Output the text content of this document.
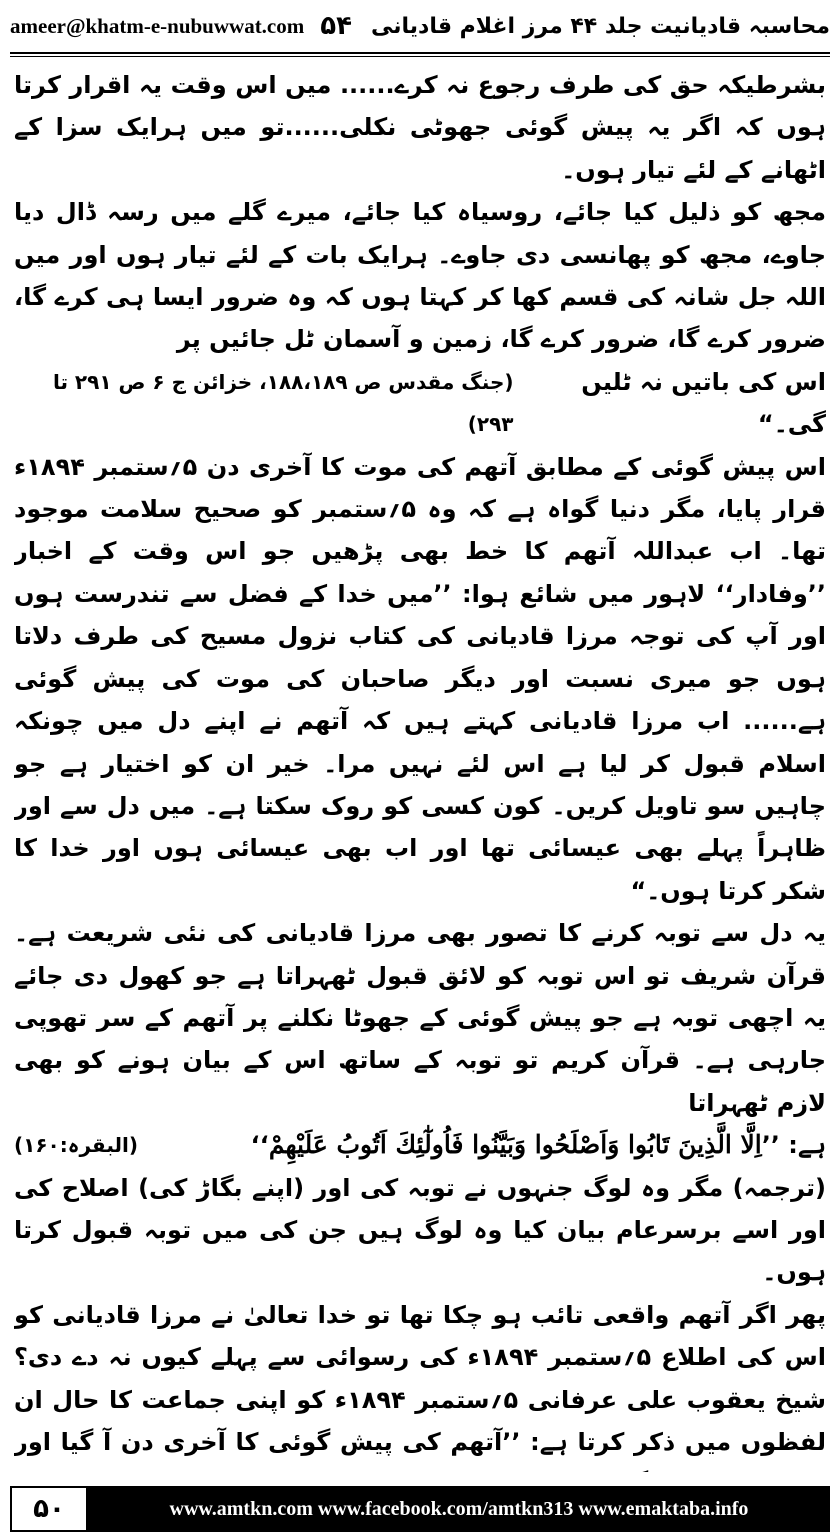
ameer@khatm-e-nubuwwat.com ۵۴ محاسبہ قادیانیت جلد ۴۴ مرز اغلام قادیانی

بشرطیکہ حق کی طرف رجوع نہ کرے...... میں اس وقت یہ اقرار کرتا ہوں کہ اگر یہ پیش گوئی جھوٹی نکلی......تو میں ہرایک سزا کے اٹھانے کے لئے تیار ہوں۔

مجھ کو ذلیل کیا جائے، روسیاہ کیا جائے، میرے گلے میں رسہ ڈال دیا جاوے، مجھ کو پھانسی دی جاوے۔ ہرایک بات کے لئے تیار ہوں اور میں اللہ جل شانہ کی قسم کھا کر کہتا ہوں کہ وہ ضرور ایسا ہی کرے گا، ضرور کرے گا، ضرور کرے گا، زمین و آسمان ٹل جائیں پر

اس کی باتیں نہ ٹلیں گی۔“
(جنگ مقدس ص ۱۸۸،۱۸۹، خزائن ج ۶ ص ۲۹۱ تا ۲۹۳)

اس پیش گوئی کے مطابق آتھم کی موت کا آخری دن ۵؍ستمبر ۱۸۹۴ء قرار پایا، مگر دنیا گواہ ہے کہ وہ ۵؍ستمبر کو صحیح سلامت موجود تھا۔ اب عبداللہ آتھم کا خط بھی پڑھیں جو اس وقت کے اخبار ’’وفادار‘‘ لاہور میں شائع ہوا: ’’میں خدا کے فضل سے تندرست ہوں اور آپ کی توجہ مرزا قادیانی کی کتاب نزول مسیح کی طرف دلاتا ہوں جو میری نسبت اور دیگر صاحبان کی موت کی پیش گوئی ہے...... اب مرزا قادیانی کہتے ہیں کہ آتھم نے اپنے دل میں چونکہ اسلام قبول کر لیا ہے اس لئے نہیں مرا۔ خیر ان کو اختیار ہے جو چاہیں سو تاویل کریں۔ کون کسی کو روک سکتا ہے۔ میں دل سے اور ظاہراً پہلے بھی عیسائی تھا اور اب بھی عیسائی ہوں اور خدا کا شکر کرتا ہوں۔“

یہ دل سے توبہ کرنے کا تصور بھی مرزا قادیانی کی نئی شریعت ہے۔ قرآن شریف تو اس توبہ کو لائق قبول ٹھہراتا ہے جو کھول دی جائے یہ اچھی توبہ ہے جو پیش گوئی کے جھوٹا نکلنے پر آتھم کے سر تھوپی جارہی ہے۔ قرآن کریم تو توبہ کے ساتھ اس کے بیان ہونے کو بھی لازم ٹھہراتا

ہے: ’’اِلَّا الَّذِينَ تَابُوا وَاَصْلَحُوا وَبَيَّنُوا فَاُولٰٓئِكَ اَتُوبُ عَلَيْهِمْ‘‘
(البقرہ:۱۶۰)

(ترجمہ) مگر وہ لوگ جنہوں نے توبہ کی اور (اپنے بگاڑ کی) اصلاح کی اور اسے برسرعام بیان کیا وہ لوگ ہیں جن کی میں توبہ قبول کرتا ہوں۔

پھر اگر آتھم واقعی تائب ہو چکا تھا تو خدا تعالیٰ نے مرزا قادیانی کو اس کی اطلاع ۵؍ستمبر ۱۸۹۴ء کی رسوائی سے پہلے کیوں نہ دے دی؟ شیخ یعقوب علی عرفانی ۵؍ستمبر ۱۸۹۴ء کو اپنی جماعت کا حال ان لفظوں میں ذکر کرتا ہے: ’’آتھم کی پیش گوئی کا آخری دن آ گیا اور

۵۰	www.amtkn.com www.facebook.com/amtkn313 www.emaktaba.info
